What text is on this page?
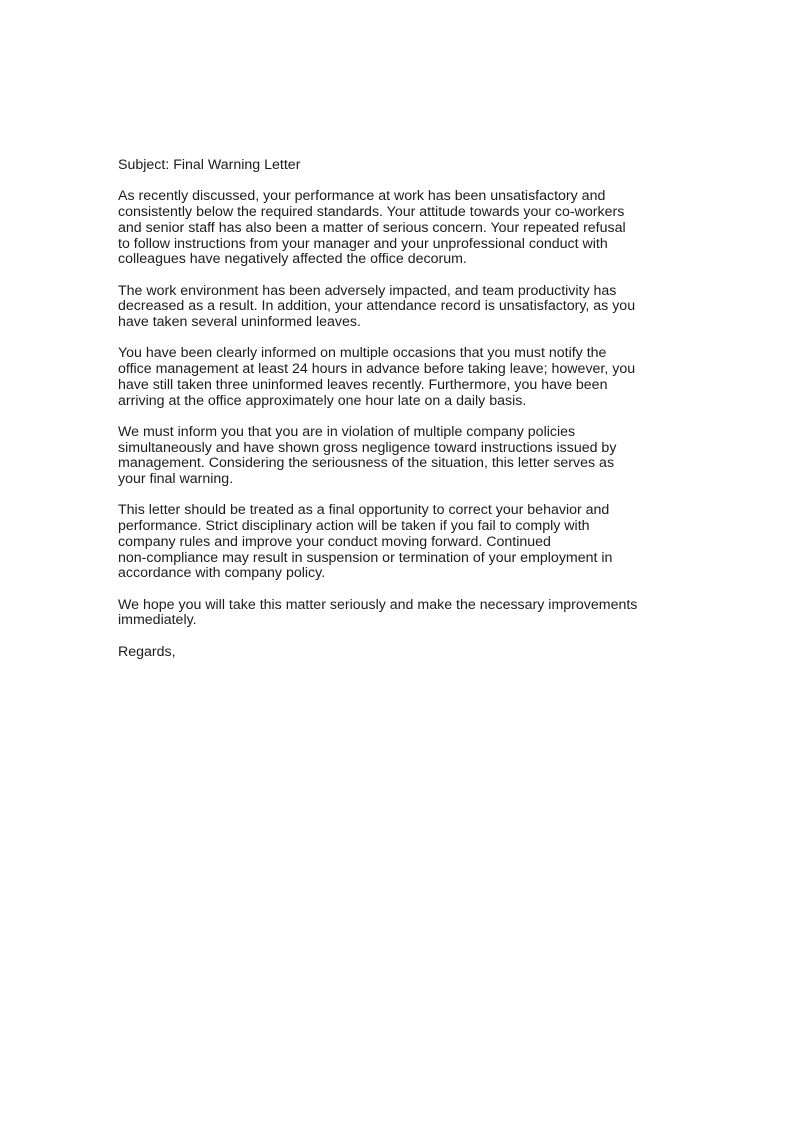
Subject: Final Warning Letter

As recently discussed, your performance at work has been unsatisfactory and
consistently below the required standards. Your attitude towards your co-workers
and senior staff has also been a matter of serious concern. Your repeated refusal
to follow instructions from your manager and your unprofessional conduct with
colleagues have negatively affected the office decorum.

The work environment has been adversely impacted, and team productivity has
decreased as a result. In addition, your attendance record is unsatisfactory, as you
have taken several uninformed leaves.

You have been clearly informed on multiple occasions that you must notify the
office management at least 24 hours in advance before taking leave; however, you
have still taken three uninformed leaves recently. Furthermore, you have been
arriving at the office approximately one hour late on a daily basis.

We must inform you that you are in violation of multiple company policies
simultaneously and have shown gross negligence toward instructions issued by
management. Considering the seriousness of the situation, this letter serves as
your final warning.

This letter should be treated as a final opportunity to correct your behavior and
performance. Strict disciplinary action will be taken if you fail to comply with
company rules and improve your conduct moving forward. Continued
non-compliance may result in suspension or termination of your employment in
accordance with company policy.

We hope you will take this matter seriously and make the necessary improvements
immediately.

Regards,
